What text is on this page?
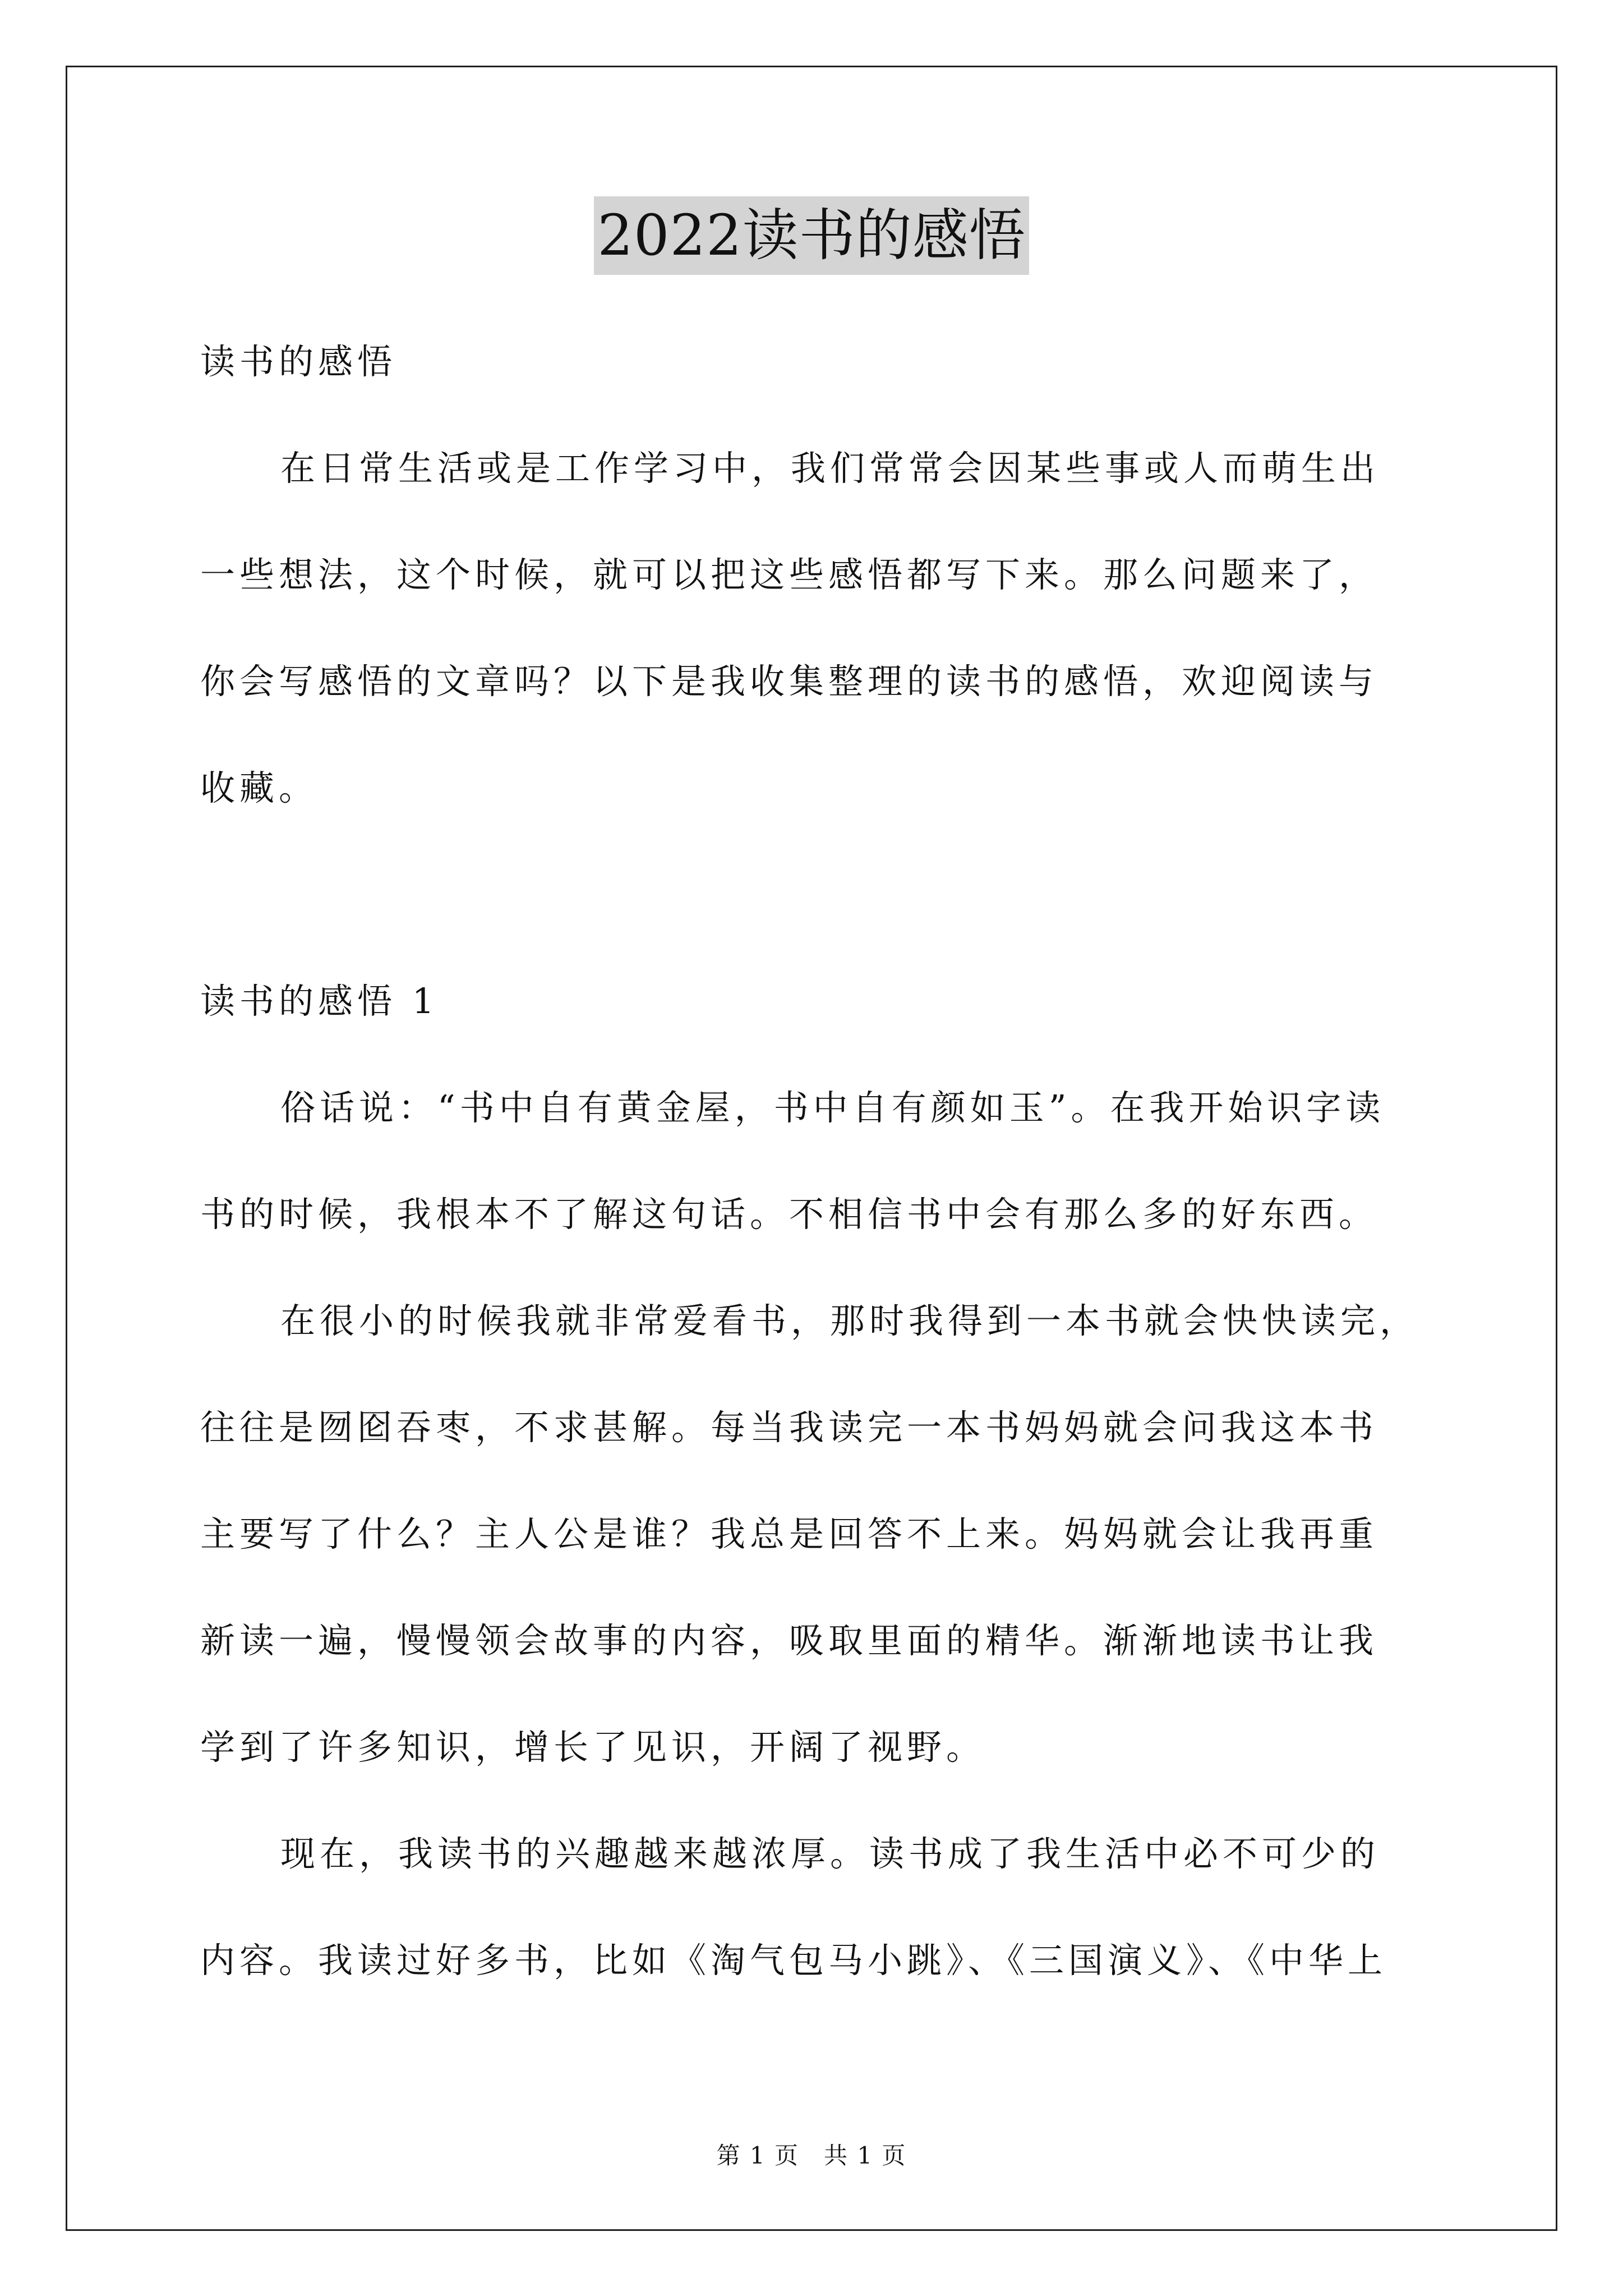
2022读书的感悟
读书的感悟
在日常生活或是工作学习中，我们常常会因某些事或人而萌生出
一些想法，这个时候，就可以把这些感悟都写下来。那么问题来了，
你会写感悟的文章吗？以下是我收集整理的读书的感悟，欢迎阅读与
收藏。
读书的感悟 1
俗话说：“书中自有黄金屋，书中自有颜如玉”。在我开始识字读
书的时候，我根本不了解这句话。不相信书中会有那么多的好东西。
在很小的时候我就非常爱看书，那时我得到一本书就会快快读完，
往往是囫囵吞枣，不求甚解。每当我读完一本书妈妈就会问我这本书
主要写了什么？主人公是谁？我总是回答不上来。妈妈就会让我再重
新读一遍，慢慢领会故事的内容，吸取里面的精华。渐渐地读书让我
学到了许多知识，增长了见识，开阔了视野。
现在，我读书的兴趣越来越浓厚。读书成了我生活中必不可少的
内容。我读过好多书，比如《淘气包马小跳》、《三国演义》、《中华上
第 1 页　共 1 页
